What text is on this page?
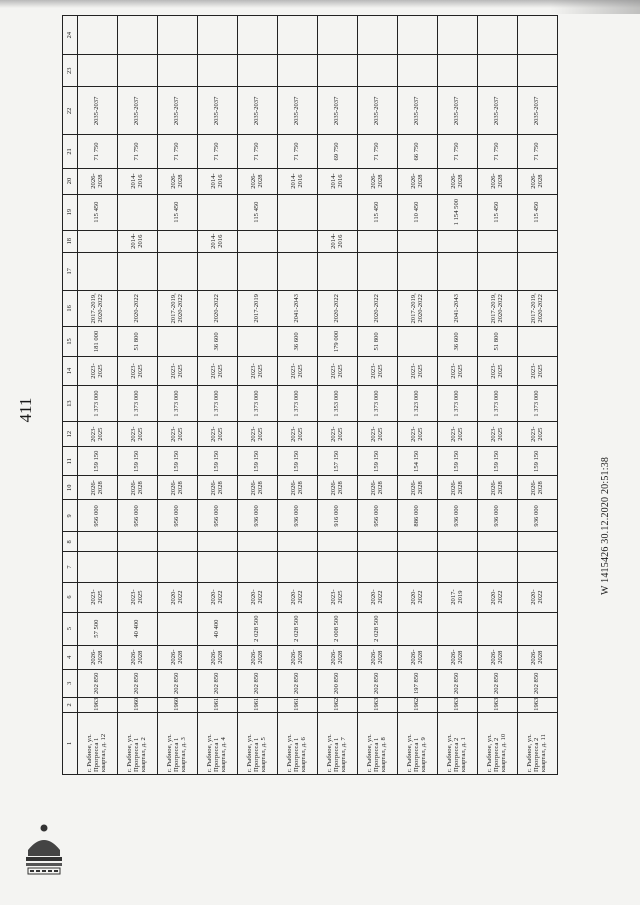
1	2	3	4	5	6	7	8	9	10	11	12	13	14	15	16	17	18	19	20	21	22	23	24
г. Рыбное, ул. Прогресса 1 квартал, д. 12	1963	202 850	2026-2028	57 500	2023-2025			956 000	2026-2028	159 150	2023-2025	1 373 000	2023-2025	181 000	2017-2019, 2020-2022			115 450	2026-2028	71 750	2035-2037		
г. Рыбное, ул. Прогресса 1 квартал, д. 2	1960	202 850	2026-2028	40 400	2023-2025			956 000	2026-2028	159 150	2023-2025	1 373 000	2023-2025	51 800	2020-2022		2014-2016		2014-2016	71 750	2035-2037		
г. Рыбное, ул. Прогресса 1 квартал, д. 3	1960	202 850	2026-2028		2020-2022			956 000	2026-2028	159 150	2023-2025	1 373 000	2023-2025		2017-2019, 2020-2022			115 450	2026-2028	71 750	2035-2037		
г. Рыбное, ул. Прогресса 1 квартал, д. 4	1961	202 850	2026-2028	40 400	2020-2022			956 000	2026-2028	159 150	2023-2025	1 373 000	2023-2025	36 600	2020-2022		2014-2016		2014-2016	71 750	2035-2037		
г. Рыбное, ул. Прогресса 1 квартал, д. 5	1961	202 850	2026-2028	2 028 500	2020-2022			936 000	2026-2028	159 150	2023-2025	1 373 000	2023-2025		2017-2019			115 450	2026-2028	71 750	2035-2037		
г. Рыбное, ул. Прогресса 1 квартал, д. 6	1961	202 850	2026-2028	2 028 500	2020-2022			936 000	2026-2028	159 150	2023-2025	1 373 000	2023-2025	36 600	2041-2043				2014-2016	71 750	2035-2037		
г. Рыбное, ул. Прогресса 1 квартал, д. 7	1962	200 850	2026-2028	2 008 500	2023-2025			916 000	2026-2028	157 150	2023-2025	1 353 000	2023-2025	179 000	2020-2022		2014-2016		2014-2016	69 750	2035-2037		
г. Рыбное, ул. Прогресса 1 квартал, д. 8	1963	202 850	2026-2028	2 028 500	2020-2022			956 000	2026-2028	159 150	2023-2025	1 373 000	2023-2025	51 800	2020-2022			115 450	2026-2028	71 750	2035-2037		
г. Рыбное, ул. Прогресса 1 квартал, д. 9	1962	197 850	2026-2028		2020-2022			886 000	2026-2028	154 150	2023-2025	1 323 000	2023-2025		2017-2019, 2020-2022			110 450	2026-2028	66 750	2035-2037		
г. Рыбное, ул. Прогресса 2 квартал, д. 1	1963	202 850	2026-2028		2017-2019			936 000	2026-2028	159 150	2023-2025	1 373 000	2023-2025	36 600	2041-2043			1 154 500	2026-2028	71 750	2035-2037		
г. Рыбное, ул. Прогресса 2 квартал, д. 10	1963	202 850	2026-2028		2020-2022			936 000	2026-2028	159 150	2023-2025	1 373 000	2023-2025	51 800	2017-2019, 2020-2022			115 450	2026-2028	71 750	2035-2037		
г. Рыбное, ул. Прогресса 2 квартал, д. 11	1963	202 850	2026-2028		2020-2022			936 000	2026-2028	159 150	2023-2025	1 373 000	2023-2025		2017-2019, 2020-2022			115 450	2026-2028	71 750	2035-2037		
411
W 1415426 30.12.2020 20:51:38
